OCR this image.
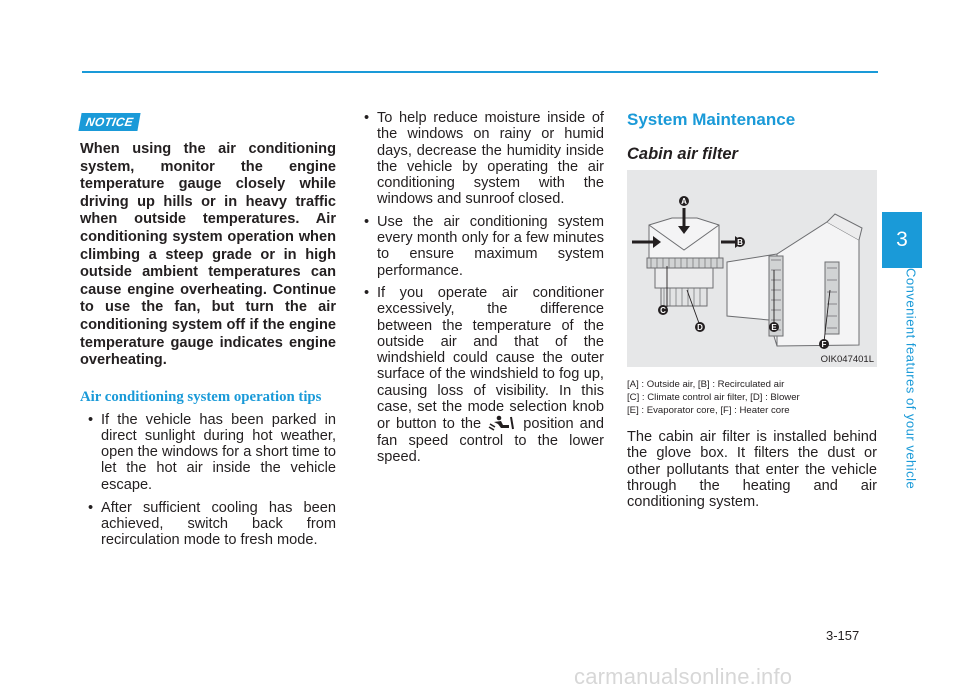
NOTICE
When using the air conditioning system, monitor the engine temperature gauge closely while driving up hills or in heavy traffic when outside temperatures. Air conditioning system operation when climbing a steep grade or in high outside ambient temperatures can cause engine overheating. Continue to use the fan, but turn the air conditioning system off if the engine temperature gauge indicates engine overheating.
Air conditioning system operation tips
• If the vehicle has been parked in direct sunlight during hot weather, open the windows for a short time to let the hot air inside the vehicle escape.
• After sufficient cooling has been achieved, switch back from recirculation mode to fresh mode.
• To help reduce moisture inside of the windows on rainy or humid days, decrease the humidity inside the vehicle by operating the air conditioning system with the windows and sunroof closed.
• Use the air conditioning system every month only for a few minutes to ensure maximum system performance.
• If you operate air conditioner excessively, the difference between the temperature of the outside air and that of the windshield could cause the outer surface of the windshield to fog up, causing loss of visibility. In this case, set the mode selection knob or button to the	position and fan speed control to the lower speed.
System Maintenance
Cabin air filter
A
B
C
D	E
F
OIK047401L
[A] : Outside air, [B] : Recirculated air
[C] : Climate control air filter, [D] : Blower
[E] : Evaporator core, [F] : Heater core
The cabin air filter is installed behind the glove box. It filters the dust or other pollutants that enter the vehicle through the heating and air conditioning system.
3
Convenient features of your vehicle
3-157
carmanualsonline.info
